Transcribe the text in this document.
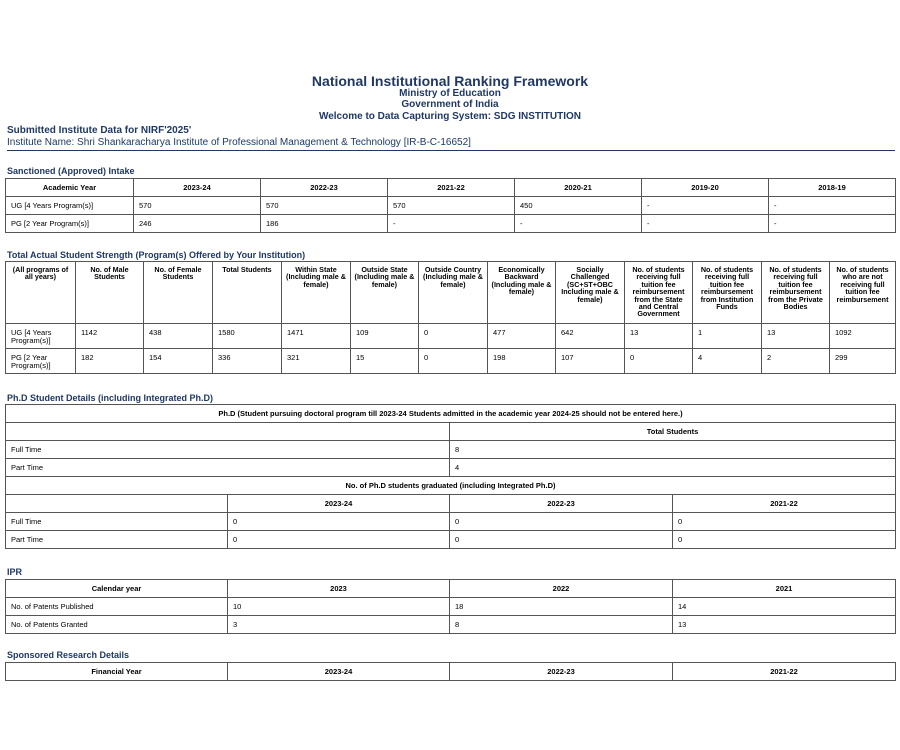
National Institutional Ranking Framework
Ministry of Education
Government of India
Welcome to Data Capturing System: SDG INSTITUTION
Submitted Institute Data for NIRF'2025'
Institute Name: Shri Shankaracharya Institute of Professional Management & Technology [IR-B-C-16652]
Sanctioned (Approved) Intake
Academic Year	2023-24	2022-23	2021-22	2020-21	2019-20	2018-19
UG [4 Years Program(s)]	570	570	570	450	-	-
PG [2 Year Program(s)]	246	186	-	-	-	-
Total Actual Student Strength (Program(s) Offered by Your Institution)
(All programs of all years)	No. of Male Students	No. of Female Students	Total Students	Within State (Including male & female)	Outside State (Including male & female)	Outside Country (Including male & female)	Economically Backward (Including male & female)	Socially Challenged (SC+ST+OBC Including male & female)	No. of students receiving full tuition fee reimbursement from the State and Central Government	No. of students receiving full tuition fee reimbursement from Institution Funds	No. of students receiving full tuition fee reimbursement from the Private Bodies	No. of students who are not receiving full tuition fee reimbursement
UG [4 Years Program(s)]	1142	438	1580	1471	109	0	477	642	13	1	13	1092
PG [2 Year Program(s)]	182	154	336	321	15	0	198	107	0	4	2	299
Ph.D Student Details (including Integrated Ph.D)
Ph.D (Student pursuing doctoral program till 2023-24 Students admitted in the academic year 2024-25 should not be entered here.)			
		Total Students	
Full Time		8	
Part Time		4	
No. of Ph.D students graduated (including Integrated Ph.D)			
	2023-24	2022-23	2021-22
Full Time	0	0	0
Part Time	0	0	0
IPR
Calendar year	2023	2022	2021
No. of Patents Published	10	18	14
No. of Patents Granted	3	8	13
Sponsored Research Details
Financial Year	2023-24	2022-23	2021-22
